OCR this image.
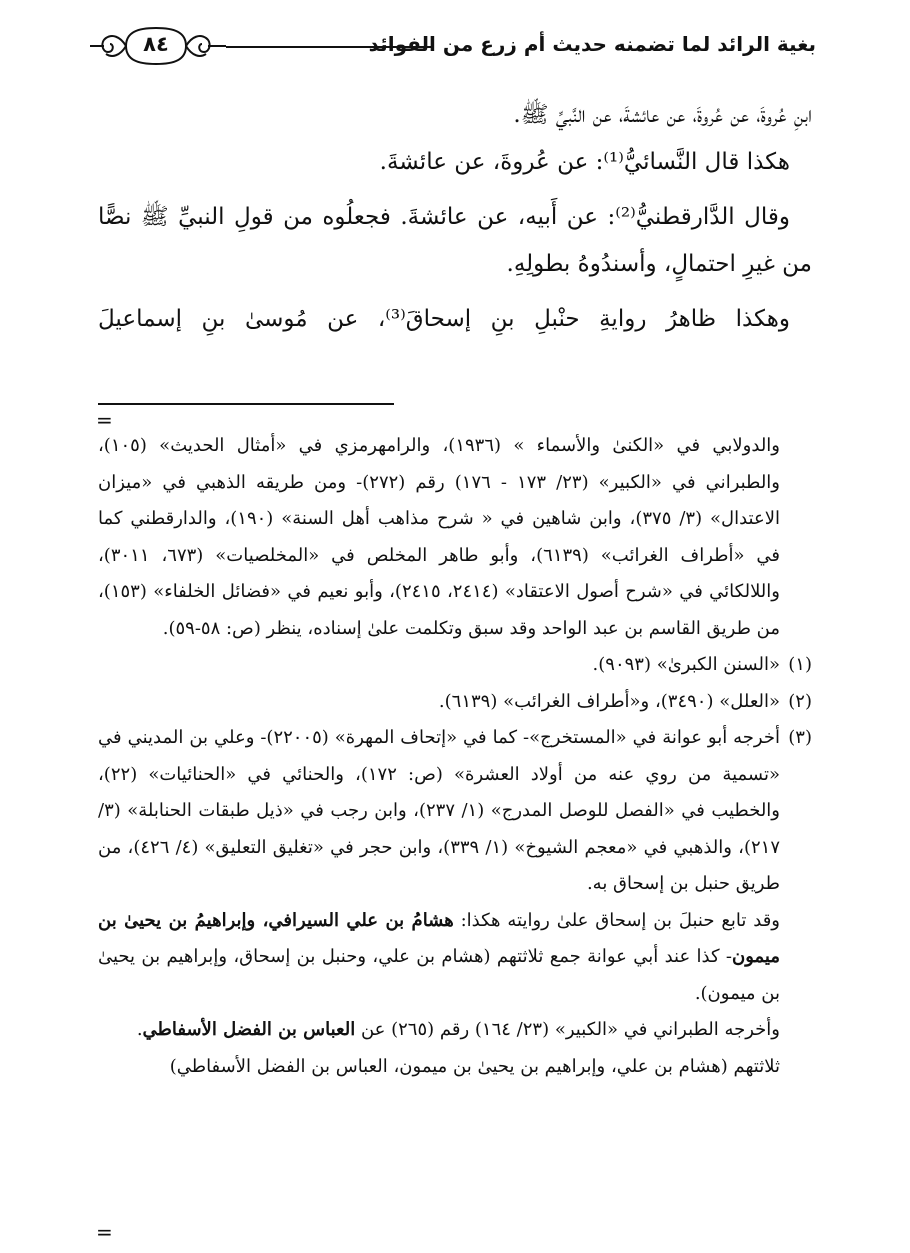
بغية الرائد لما تضمنه حديث أم زرع من الفوائد
٨٤

ابنِ عُروةَ، عن عُروةَ، عن عائشةَ، عن النَّبيِّ ﷺ.

هكذا قال النَّسائيُّ⁽¹⁾: عن عُروةَ، عن عائشةَ.

وقال الدَّارقطنيُّ⁽²⁾: عن أَبيه، عن عائشةَ. فجعلُوه من قولِ النبيِّ ﷺ نصًّا من غيرِ احتمالٍ، وأسندُوهُ بطولِهِ.

وهكذا ظاهرُ روايةِ حنْبلِ بنِ إسحاقَ⁽³⁾، عن مُوسىٰ بنِ إسماعيلَ

=
والدولابي في «الكنىٰ والأسماء » (١٩٣٦)، والرامهرمزي في «أمثال الحديث» (١٠٥)، والطبراني في «الكبير» (٢٣/ ١٧٣ - ١٧٦) رقم (٢٧٢)- ومن طريقه الذهبي في «ميزان الاعتدال» (٣/ ٣٧٥)، وابن شاهين في « شرح مذاهب أهل السنة» (١٩٠)، والدارقطني كما في «أطراف الغرائب» (٦١٣٩)، وأبو طاهر المخلص في «المخلصيات» (٦٧٣، ٣٠١١)، واللالكائي في «شرح أصول الاعتقاد» (٢٤١٤، ٢٤١٥)، وأبو نعيم في «فضائل الخلفاء» (١٥٣)، من طريق القاسم بن عبد الواحد وقد سبق وتكلمت علىٰ إسناده، ينظر (ص: ٥٨-٥٩).
(١)
«السنن الكبرىٰ» (٩٠٩٣).
(٢)
«العلل» (٣٤٩٠)، و«أطراف الغرائب» (٦١٣٩).
(٣)
أخرجه أبو عوانة في «المستخرج»- كما في «إتحاف المهرة» (٢٢٠٠٥)- وعلي بن المديني في «تسمية من روي عنه من أولاد العشرة» (ص: ١٧٢)، والحنائي في «الحنائيات» (٢٢)، والخطيب في «الفصل للوصل المدرج» (١/ ٢٣٧)، وابن رجب في «ذيل طبقات الحنابلة» (٣/ ٢١٧)، والذهبي في «معجم الشيوخ» (١/ ٣٣٩)، وابن حجر في «تغليق التعليق» (٤/ ٤٢٦)، من طريق حنبل بن إسحاق به.
وقد تابع حنبلَ بن إسحاق علىٰ روايته هكذا: هشامُ بن علي السيرافي، وإبراهيمُ بن يحيىٰ بن ميمون- كذا عند أبي عوانة جمع ثلاثتهم (هشام بن علي، وحنبل بن إسحاق، وإبراهيم بن يحيىٰ بن ميمون).
وأخرجه الطبراني في «الكبير» (٢٣/ ١٦٤) رقم (٢٦٥) عن العباس بن الفضل الأسفاطي.
ثلاثتهم (هشام بن علي، وإبراهيم بن يحيىٰ بن ميمون، العباس بن الفضل الأسفاطي)
=
